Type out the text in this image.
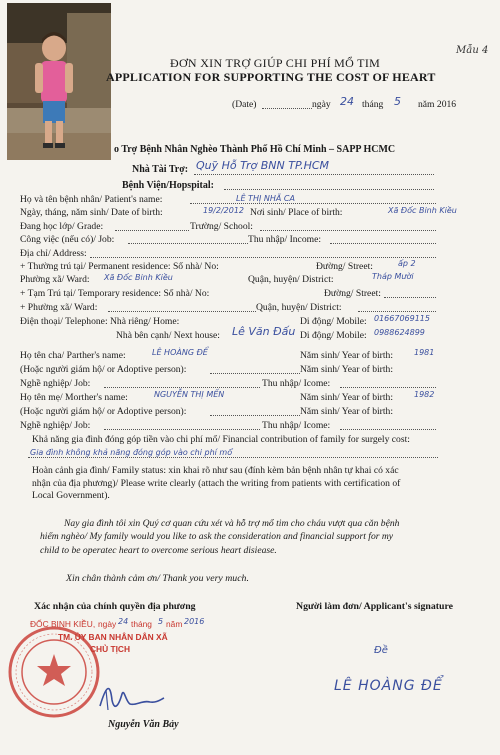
Mẫu 4
ĐƠN XIN TRỢ GIÚP CHI PHÍ MỔ TIM
APPLICATION FOR SUPPORTING THE COST OF HEART
(Date)	ngày 24 tháng 5 năm 2016
o Trợ Bệnh Nhân Nghèo Thành Phố Hồ Chí Minh – SAPP HCMC
Nhà Tài Trợ: Quỹ Hỗ Trợ BNN TP.HCM
Bệnh Viện/Hopspital:
Họ và tên bệnh nhân/ Patient's name:	LÊ THỊ NHÃ CA
Ngày, tháng, năm sinh/ Date of birth:	19/2/2012 Nơi sinh/ Place of birth:	Xã Đốc Binh Kiều
Đang học lớp/ Grade:	Trường/ School:
Công việc (nếu có)/ Job:	Thu nhập/ Income:
Địa chỉ/ Address:
+ Thường trú tại/ Permanent residence: Số nhà/ No:	Đường/ Street:	ấp 2
Phường xã/ Ward: Xã Đốc Binh Kiều	Quận, huyện/ District:	Tháp Mười
+ Tạm Trú tại/ Temporary residence: Số nhà/ No:	Đường/ Street:
+ Phường xã/ Ward:	Quận, huyện/ District:
Điện thoại/ Telephone: Nhà riêng/ Home:	Di động/ Mobile: 01667069115
Nhà bên cạnh/ Next house: Lê Văn Đấu Di động/ Mobile: 0988624899
Họ tên cha/ Parther's name:	LÊ HOÀNG ĐỂ	Năm sinh/ Year of birth:	1981
(Hoặc người giám hộ/ or Adoptive person):	Năm sinh/ Year of birth:
Nghề nghiệp/ Job:	Thu nhập/ Icome:
Họ tên mẹ/ Morther's name:	NGUYỄN THỊ MẾN	Năm sinh/ Year of birth:	1982
(Hoặc người giám hộ/ or Adoptive person):	Năm sinh/ Year of birth:
Nghề nghiệp/ Job:	Thu nhập/ Icome:
Khả năng gia đình đóng góp tiền vào chi phí mổ/ Financial contribution of family for surgely cost:
Gia đình không khả năng đóng góp vào chi phí mổ
Hoàn cảnh gia đình/ Family status: xin khai rõ như sau (đính kèm bản bệnh nhân tự khai có xác
nhận của địa phương)/ Please write clearly (attach the writing from patients with certification of
Local Government).
Nay gia đình tôi xin Quý cơ quan cứu xét và hỗ trợ mổ tim cho cháu vượt qua căn bệnh
hiểm nghèo/ My family would you like to ask the consideration and financial support for my
child to be operatec heart to overcome serious heart disiease.
Xin chân thành cảm ơn/ Thank you very much.
Xác nhận của chính quyền địa phương	Người làm đơn/ Applicant's signature
ĐỐC BINH KIỀU, ngày 24 tháng 5 năm 2016
TM. ỦY BAN NHÂN DÂN XÃ
CHỦ TỊCH
Nguyễn Văn Bảy
Đề
LÊ HOÀNG ĐỂ
